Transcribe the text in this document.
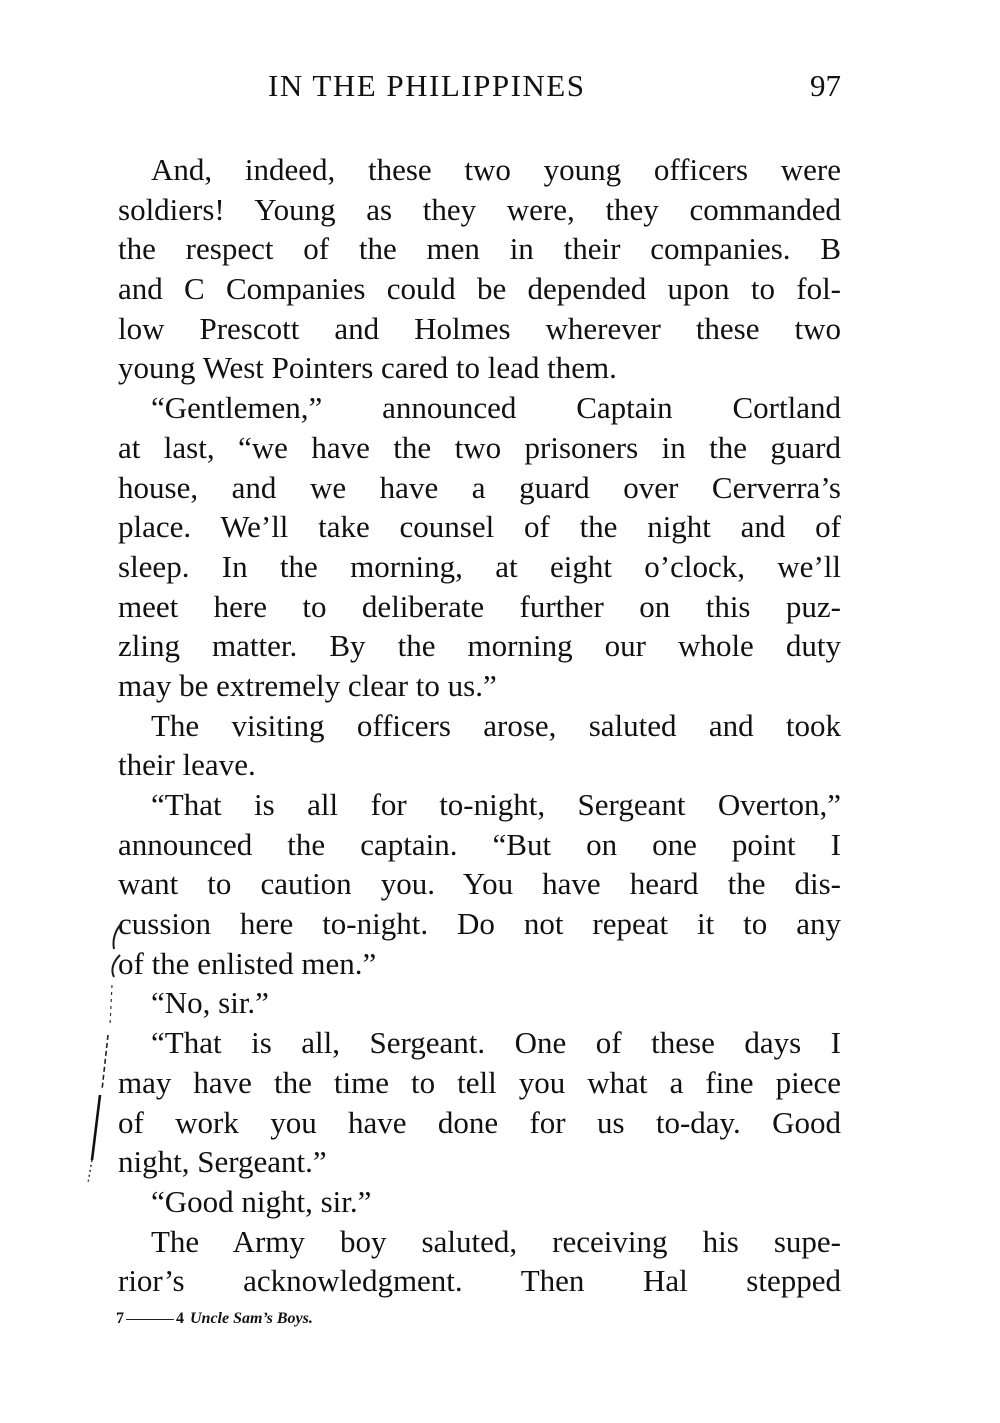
IN THE PHILIPPINES	97
And, indeed, these two young officers were
soldiers! Young as they were, they commanded
the respect of the men in their companies. B
and C Companies could be depended upon to fol-
low Prescott and Holmes wherever these two
young West Pointers cared to lead them.
“Gentlemen,” announced Captain Cortland
at last, “we have the two prisoners in the guard
house, and we have a guard over Cerverra’s
place. We’ll take counsel of the night and of
sleep. In the morning, at eight o’clock, we’ll
meet here to deliberate further on this puz-
zling matter. By the morning our whole duty
may be extremely clear to us.”
The visiting officers arose, saluted and took
their leave.
“That is all for to-night, Sergeant Overton,”
announced the captain. “But on one point I
want to caution you. You have heard the dis-
cussion here to-night. Do not repeat it to any
of the enlisted men.”
“No, sir.”
“That is all, Sergeant. One of these days I
may have the time to tell you what a fine piece
of work you have done for us to-day. Good
night, Sergeant.”
“Good night, sir.”
The Army boy saluted, receiving his supe-
rior’s acknowledgment. Then Hal stepped
7	4 Uncle Sam’s Boys.
